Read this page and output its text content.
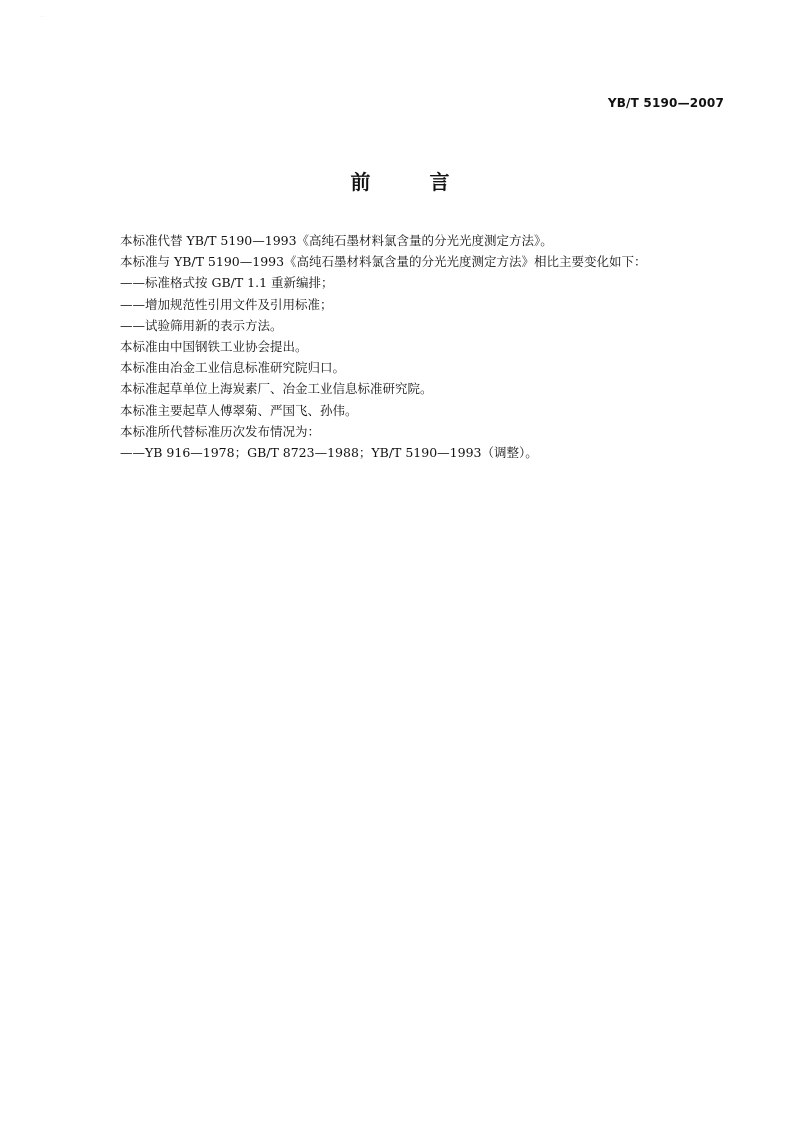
· · ·
YB/T 5190—2007
前 言
本标准代替 YB/T 5190—1993《高纯石墨材料氯含量的分光光度测定方法》。
本标准与 YB/T 5190—1993《高纯石墨材料氯含量的分光光度测定方法》相比主要变化如下：
——标准格式按 GB/T 1.1 重新编排；
——增加规范性引用文件及引用标准；
——试验筛用新的表示方法。
本标准由中国钢铁工业协会提出。
本标准由冶金工业信息标准研究院归口。
本标准起草单位上海炭素厂、冶金工业信息标准研究院。
本标准主要起草人傅翠菊、严国飞、孙伟。
本标准所代替标准历次发布情况为：
——YB 916—1978；GB/T 8723—1988；YB/T 5190—1993（调整）。
